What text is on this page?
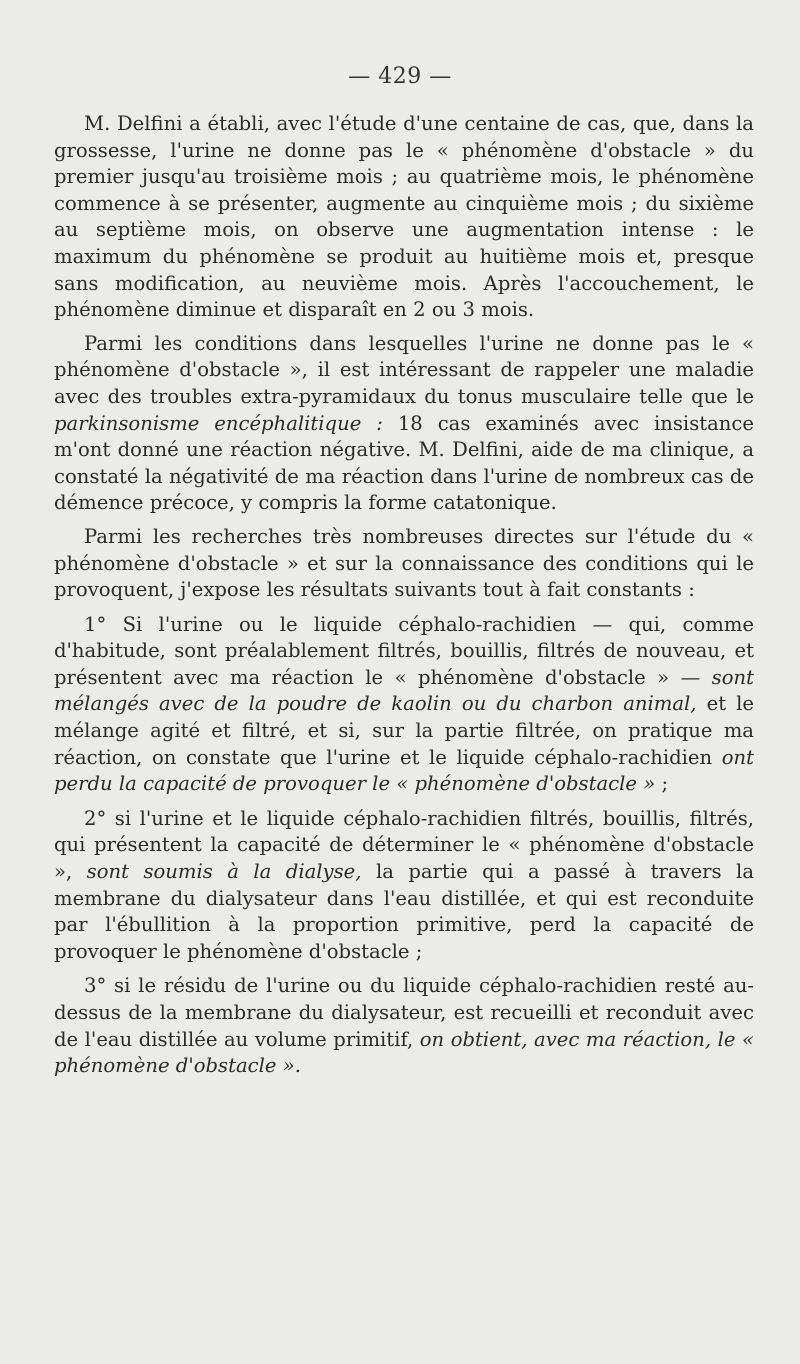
— 429 —

M. Delfini a établi, avec l'étude d'une centaine de cas, que, dans la grossesse, l'urine ne donne pas le « phénomène d'obstacle » du premier jusqu'au troisième mois ; au quatrième mois, le phénomène commence à se présenter, augmente au cinquième mois ; du sixième au septième mois, on observe une augmentation intense : le maximum du phénomène se produit au huitième mois et, presque sans modification, au neuvième mois. Après l'accouchement, le phénomène diminue et disparaît en 2 ou 3 mois.

Parmi les conditions dans lesquelles l'urine ne donne pas le « phénomène d'obstacle », il est intéressant de rappeler une maladie avec des troubles extra-pyramidaux du tonus musculaire telle que le parkinsonisme encéphalitique : 18 cas examinés avec insistance m'ont donné une réaction négative. M. Delfini, aide de ma clinique, a constaté la négativité de ma réaction dans l'urine de nombreux cas de démence précoce, y compris la forme catatonique.

Parmi les recherches très nombreuses directes sur l'étude du « phénomène d'obstacle » et sur la connaissance des conditions qui le provoquent, j'expose les résultats suivants tout à fait constants :

1° Si l'urine ou le liquide céphalo-rachidien — qui, comme d'habitude, sont préalablement filtrés, bouillis, filtrés de nouveau, et présentent avec ma réaction le « phénomène d'obstacle » — sont mélangés avec de la poudre de kaolin ou du charbon animal, et le mélange agité et filtré, et si, sur la partie filtrée, on pratique ma réaction, on constate que l'urine et le liquide céphalo-rachidien ont perdu la capacité de provoquer le « phénomène d'obstacle » ;

2° si l'urine et le liquide céphalo-rachidien filtrés, bouillis, filtrés, qui présentent la capacité de déterminer le « phénomène d'obstacle », sont soumis à la dialyse, la partie qui a passé à travers la membrane du dialysateur dans l'eau distillée, et qui est reconduite par l'ébullition à la proportion primitive, perd la capacité de provoquer le phénomène d'obstacle ;

3° si le résidu de l'urine ou du liquide céphalo-rachidien resté au-dessus de la membrane du dialysateur, est recueilli et reconduit avec de l'eau distillée au volume primitif, on obtient, avec ma réaction, le « phénomène d'obstacle ».
